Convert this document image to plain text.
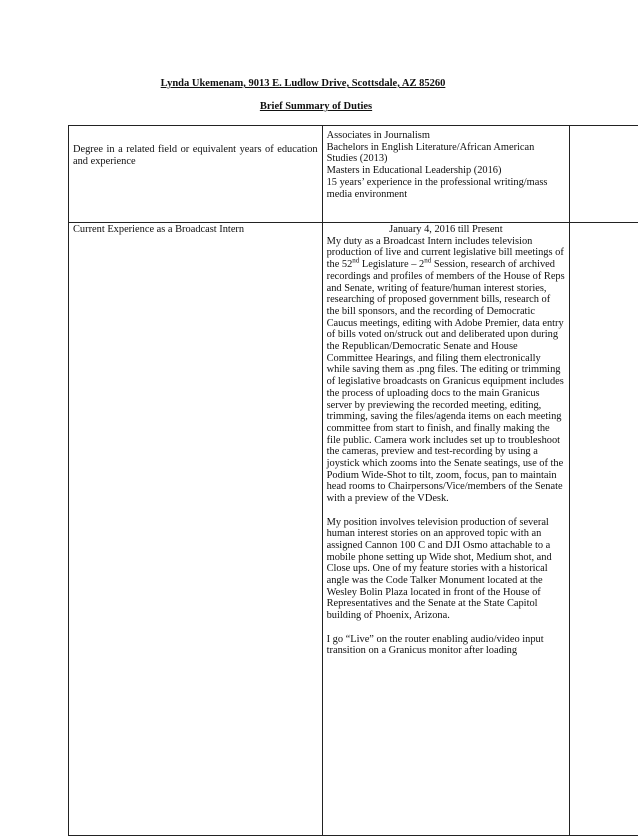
Lynda Ukemenam, 9013 E. Ludlow Drive, Scottsdale, AZ 85260
Brief Summary of Duties
Degree in a related field or equivalent years of education and experience	Associates in Journalism
Bachelors in English Literature/African American Studies (2013)
Masters in Educational Leadership (2016)
15 years’ experience in the professional writing/mass media environment	

Current Experience as a Broadcast Intern	January 4, 2016 till Present

My duty as a Broadcast Intern includes television production of live and current legislative bill meetings of the 52nd Legislature – 2nd Session, research of archived recordings and profiles of members of the House of Reps and Senate, writing of feature/human interest stories, researching of proposed government bills, research of the bill sponsors, and the recording of Democratic Caucus meetings, editing with Adobe Premier, data entry of bills voted on/struck out and deliberated upon during the Republican/Democratic Senate and House Committee Hearings, and filing them electronically while saving them as .png files. The editing or trimming of legislative broadcasts on Granicus equipment includes the process of uploading docs to the main Granicus server by previewing the recorded meeting, editing, trimming, saving the files/agenda items on each meeting committee from start to finish, and finally making the file public. Camera work includes set up to troubleshoot the cameras, preview and test-recording by using a joystick which zooms into the Senate seatings, use of the Podium Wide-Shot to tilt, zoom, focus, pan to maintain head rooms to Chairpersons/Vice/members of the Senate with a preview of the VDesk.

My position involves television production of several human interest stories on an approved topic with an assigned Cannon 100 C and DJI Osmo attachable to a mobile phone setting up Wide shot, Medium shot, and Close ups. One of my feature stories with a historical angle was the Code Talker Monument located at the Wesley Bolin Plaza located in front of the House of Representatives and the Senate at the State Capitol building of Phoenix, Arizona.

I go “Live” on the router enabling audio/video input transition on a Granicus monitor after loading	
